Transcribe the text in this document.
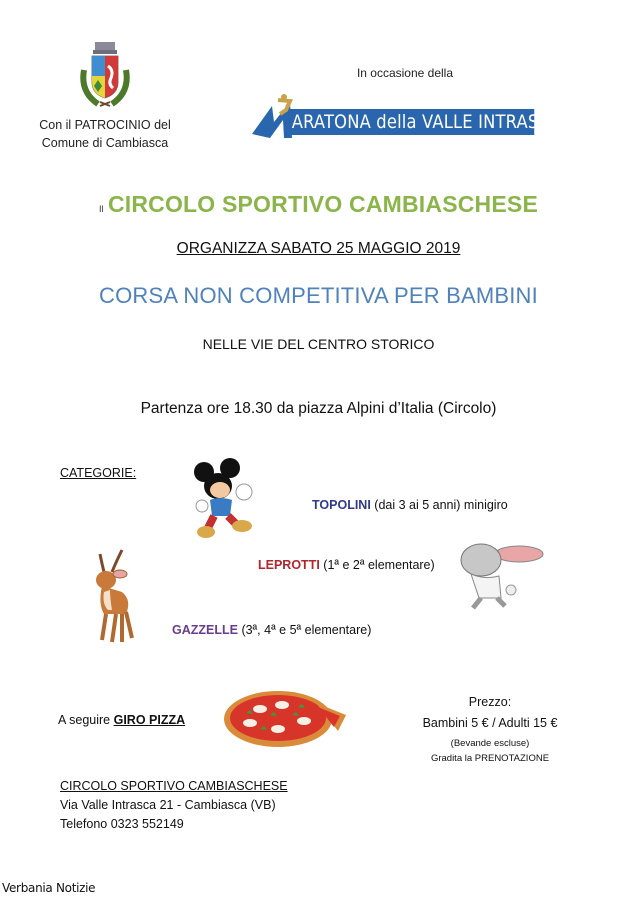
Con il PATROCINIO del
Comune di Cambiasca
In occasione della
ARATONA della VALLE INTRASCA
Il CIRCOLO SPORTIVO CAMBIASCHESE
ORGANIZZA SABATO 25 MAGGIO 2019
CORSA NON COMPETITIVA PER BAMBINI
NELLE VIE DEL CENTRO STORICO
Partenza ore 18.30 da piazza Alpini d’Italia (Circolo)
CATEGORIE:
TOPOLINI (dai 3 ai 5 anni) minigiro
LEPROTTI (1ª e 2ª elementare)
GAZZELLE (3ª, 4ª e 5ª elementare)
A seguire GIRO PIZZA
Prezzo:
Bambini 5 € / Adulti 15 €
(Bevande escluse)
Gradita la PRENOTAZIONE
CIRCOLO SPORTIVO CAMBIASCHESE
Via Valle Intrasca 21 - Cambiasca (VB)
Telefono 0323 552149
Verbania Notizie
